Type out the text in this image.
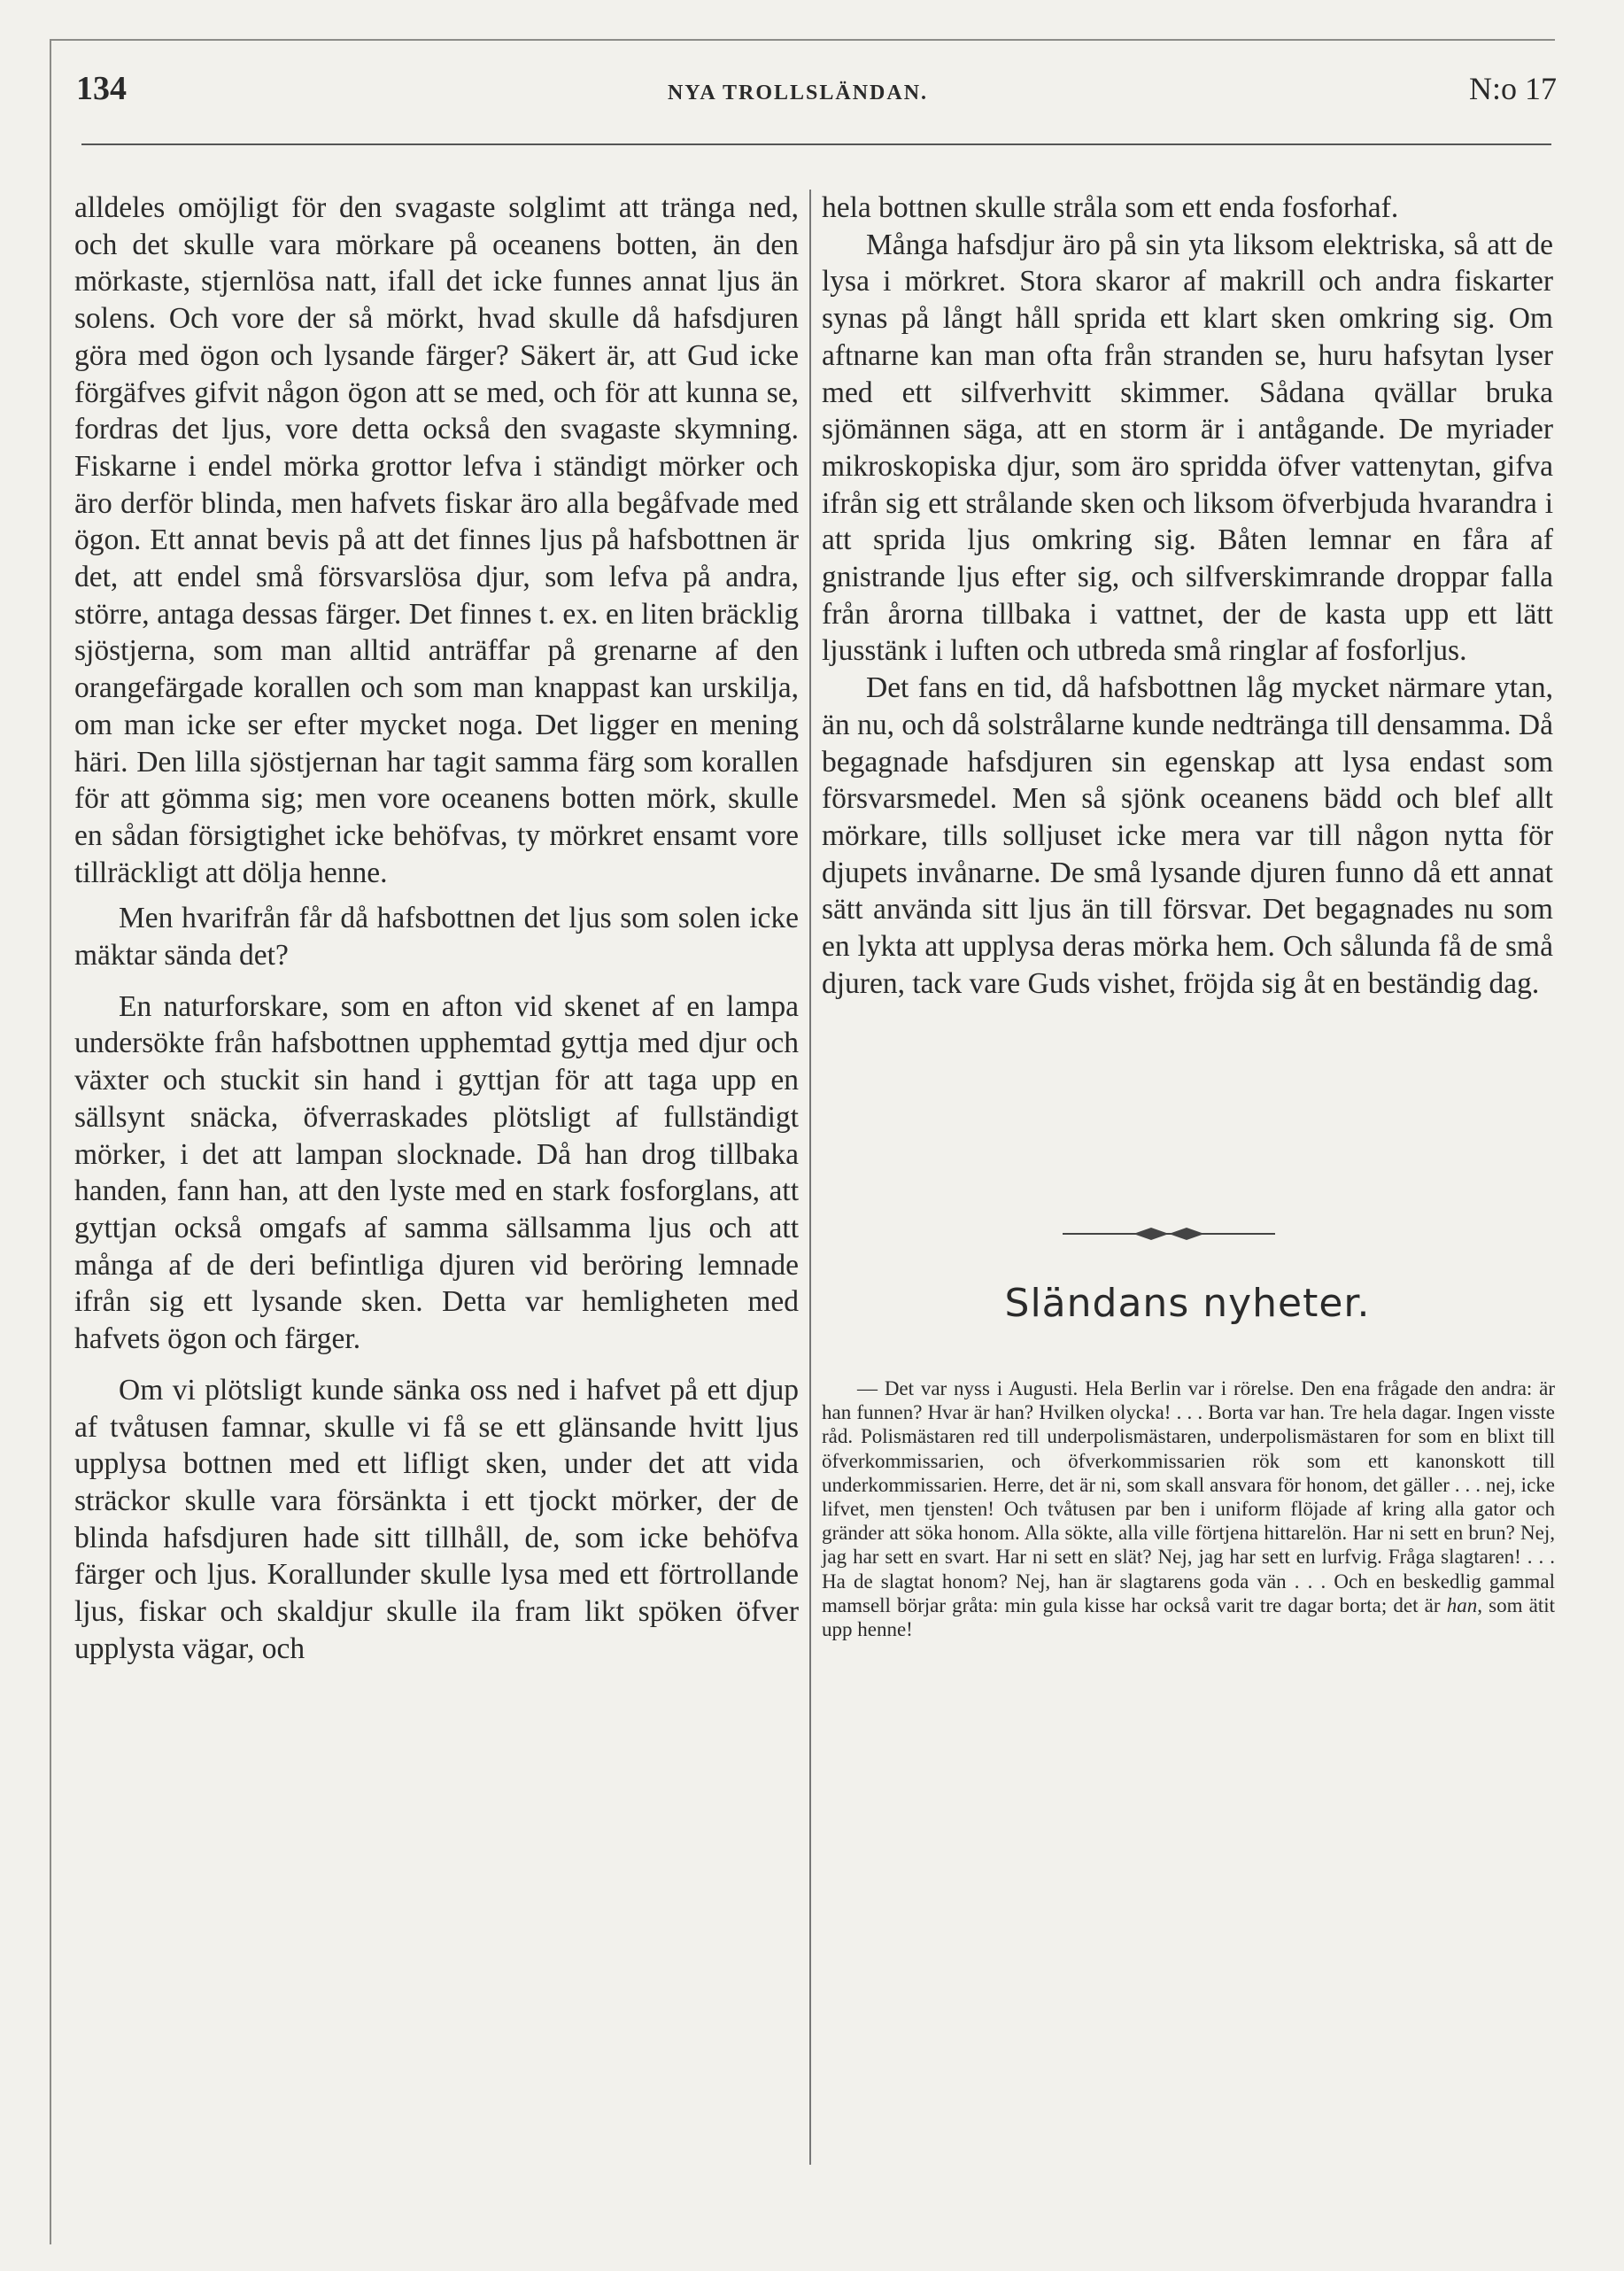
134	NYA TROLLSLÄNDAN.	N:o 17

alldeles omöjligt för den svagaste solglimt att tränga ned, och det skulle vara mörkare på oceanens botten, än den mörkaste, stjernlösa natt, ifall det icke funnes annat ljus än solens. Och vore der så mörkt, hvad skulle då hafsdjuren göra med ögon och lysande färger? Säkert är, att Gud icke förgäfves gifvit någon ögon att se med, och för att kunna se, fordras det ljus, vore detta också den svagaste skymning. Fiskarne i endel mörka grottor lefva i ständigt mörker och äro derför blinda, men hafvets fiskar äro alla begåfvade med ögon. Ett annat bevis på att det finnes ljus på hafsbottnen är det, att endel små försvarslösa djur, som lefva på andra, större, antaga dessas färger. Det finnes t. ex. en liten bräcklig sjöstjerna, som man alltid anträffar på grenarne af den orangefärgade korallen och som man knappast kan urskilja, om man icke ser efter mycket noga. Det ligger en mening häri. Den lilla sjöstjernan har tagit samma färg som korallen för att gömma sig; men vore oceanens botten mörk, skulle en sådan försigtighet icke behöfvas, ty mörkret ensamt vore tillräckligt att dölja henne.

Men hvarifrån får då hafsbottnen det ljus som solen icke mäktar sända det?

En naturforskare, som en afton vid skenet af en lampa undersökte från hafsbottnen upphemtad gyttja med djur och växter och stuckit sin hand i gyttjan för att taga upp en sällsynt snäcka, öfverraskades plötsligt af fullständigt mörker, i det att lampan slocknade. Då han drog tillbaka handen, fann han, att den lyste med en stark fosforglans, att gyttjan också omgafs af samma sällsamma ljus och att många af de deri befintliga djuren vid beröring lemnade ifrån sig ett lysande sken. Detta var hemligheten med hafvets ögon och färger.

Om vi plötsligt kunde sänka oss ned i hafvet på ett djup af tvåtusen famnar, skulle vi få se ett glänsande hvitt ljus upplysa bottnen med ett lifligt sken, under det att vida sträckor skulle vara försänkta i ett tjockt mörker, der de blinda hafsdjuren hade sitt tillhåll, de, som icke behöfva färger och ljus. Korallunder skulle lysa med ett förtrollande ljus, fiskar och skaldjur skulle ila fram likt spöken öfver upplysta vägar, och

hela bottnen skulle stråla som ett enda fosforhaf.

Många hafsdjur äro på sin yta liksom elektriska, så att de lysa i mörkret. Stora skaror af makrill och andra fiskarter synas på långt håll sprida ett klart sken omkring sig. Om aftnarne kan man ofta från stranden se, huru hafsytan lyser med ett silfverhvitt skimmer. Sådana qvällar bruka sjömännen säga, att en storm är i antågande. De myriader mikroskopiska djur, som äro spridda öfver vattenytan, gifva ifrån sig ett strålande sken och liksom öfverbjuda hvarandra i att sprida ljus omkring sig. Båten lemnar en fåra af gnistrande ljus efter sig, och silfverskimrande droppar falla från årorna tillbaka i vattnet, der de kasta upp ett lätt ljusstänk i luften och utbreda små ringlar af fosforljus.

Det fans en tid, då hafsbottnen låg mycket närmare ytan, än nu, och då solstrålarne kunde nedtränga till densamma. Då begagnade hafsdjuren sin egenskap att lysa endast som försvarsmedel. Men så sjönk oceanens bädd och blef allt mörkare, tills solljuset icke mera var till någon nytta för djupets invånarne. De små lysande djuren funno då ett annat sätt använda sitt ljus än till försvar. Det begagnades nu som en lykta att upplysa deras mörka hem. Och sålunda få de små djuren, tack vare Guds vishet, fröjda sig åt en beständig dag.

Sländans nyheter.

— Det var nyss i Augusti. Hela Berlin var i rörelse. Den ena frågade den andra: är han funnen? Hvar är han? Hvilken olycka! . . . Borta var han. Tre hela dagar. Ingen visste råd. Polismästaren red till underpolismästaren, underpolismästaren for som en blixt till öfverkommissarien, och öfverkommissarien rök som ett kanonskott till underkommissarien. Herre, det är ni, som skall ansvara för honom, det gäller . . . nej, icke lifvet, men tjensten! Och tvåtusen par ben i uniform flöjade af kring alla gator och gränder att söka honom. Alla sökte, alla ville förtjena hittarelön. Har ni sett en brun? Nej, jag har sett en svart. Har ni sett en slät? Nej, jag har sett en lurfvig. Fråga slagtaren! . . . Ha de slagtat honom? Nej, han är slagtarens goda vän . . . Och en beskedlig gammal mamsell börjar gråta: min gula kisse har också varit tre dagar borta; det är han, som ätit upp henne!
